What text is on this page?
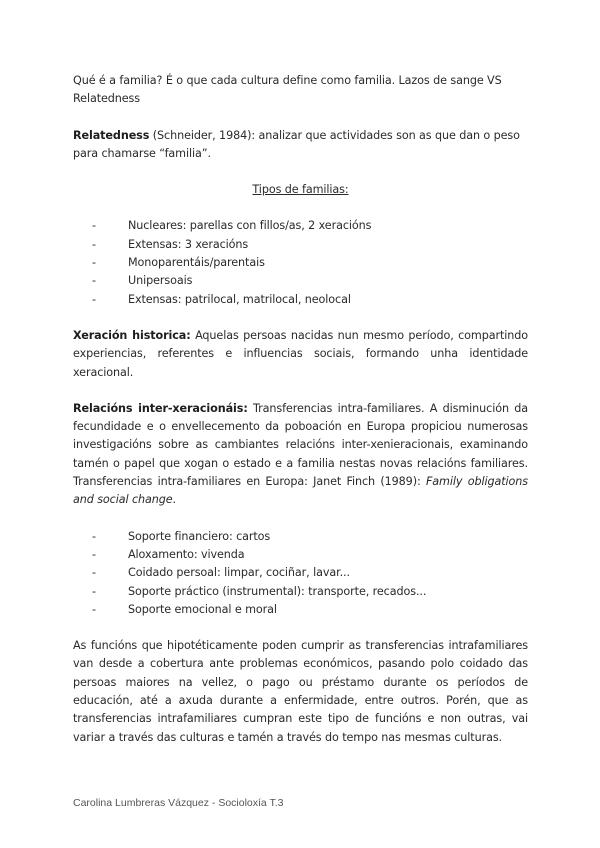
Qué é a familia? É o que cada cultura define como familia. Lazos de sange VS Relatedness

Relatedness (Schneider, 1984): analizar que actividades son as que dan o peso para chamarse “familia”.

Tipos de familias:

- Nucleares: parellas con fillos/as, 2 xeracións
- Extensas: 3 xeracións
- Monoparentáis/parentais
- Unipersoais
- Extensas: patrilocal, matrilocal, neolocal

Xeración historica: Aquelas persoas nacidas nun mesmo período, compartindo experiencias, referentes e influencias sociais, formando unha identidade xeracional.

Relacións inter-xeracionáis: Transferencias intra-familiares. A disminución da fecundidade e o envellecemento da poboación en Europa propiciou numerosas investigacións sobre as cambiantes relacións inter-xenieracionais, examinando tamén o papel que xogan o estado e a familia nestas novas relacións familiares. Transferencias intra-familiares en Europa: Janet Finch (1989): Family obligations and social change.

- Soporte financiero: cartos
- Aloxamento: vivenda
- Coidado persoal: limpar, cociñar, lavar...
- Soporte práctico (instrumental): transporte, recados...
- Soporte emocional e moral

As funcións que hipotéticamente poden cumprir as transferencias intrafamiliares van desde a cobertura ante problemas económicos, pasando polo coidado das persoas maiores na vellez, o pago ou préstamo durante os períodos de educación, até a axuda durante a enfermidade, entre outros. Porén, que as transferencias intrafamiliares cumpran este tipo de funcións e non outras, vai variar a través das culturas e tamén a través do tempo nas mesmas culturas.

Carolina Lumbreras Vázquez - Socioloxía T.3
